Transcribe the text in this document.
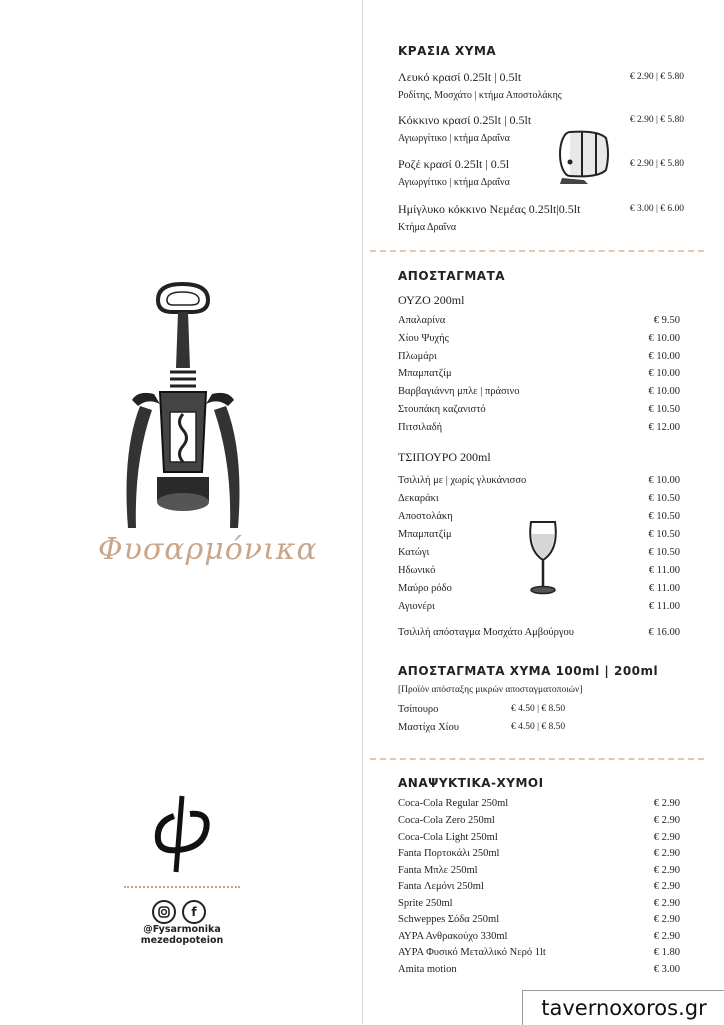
Φυσαρμόνικα
f
@Fysarmonika
mezedopoteion
ΚΡΑΣΙΑ ΧΥΜΑ
Λευκό κρασί 0.25lt | 0.5lt	€ 2.90 | € 5.80
Ροδίτης, Μοσχάτο | κτήμα Αποστολάκης
Κόκκινο κρασί 0.25lt | 0.5lt	€ 2.90 | € 5.80
Αγιωργίτικο | κτήμα Δραΐνα
Ροζέ κρασί 0.25lt | 0.5l	€ 2.90 | € 5.80
Αγιωργίτικο | κτήμα Δραΐνα
Ημίγλυκο κόκκινο Νεμέας 0.25lt|0.5lt	€ 3.00 | € 6.00
Κτήμα Δραΐνα
ΑΠΟΣΤΑΓΜΑΤΑ
ΟΥΖΟ 200ml
Απαλαρίνα	€ 9.50
Χίου Ψυχής	€ 10.00
Πλωμάρι	€ 10.00
Μπαμπατζίμ	€ 10.00
Βαρβαγιάννη μπλε | πράσινο	€ 10.00
Στουπάκη καζανιστό	€ 10.50
Πιτσιλαδή	€ 12.00
ΤΣΙΠΟΥΡΟ 200ml
Τσιλιλή με | χωρίς γλυκάνισσο	€ 10.00
Δεκαράκι	€ 10.50
Αποστολάκη	€ 10.50
Μπαμπατζίμ	€ 10.50
Κατώγι	€ 10.50
Ηδωνικό	€ 11.00
Μαύρο ρόδο	€ 11.00
Αγιονέρι	€ 11.00
Τσιλιλή απόσταγμα Μοσχάτο Αμβούργου	€ 16.00
ΑΠΟΣΤΑΓΜΑΤΑ ΧΥΜΑ 100ml | 200ml
[Προϊόν απόσταξης μικρών αποσταγματοποιών]
Τσίπουρο	€ 4.50 | € 8.50
Μαστίχα Χίου	€ 4.50 | € 8.50
ΑΝΑΨΥΚΤΙΚΑ-ΧΥΜΟΙ
Coca-Cola Regular 250ml	€ 2.90
Coca-Cola Zero 250ml	€ 2.90
Coca-Cola Light 250ml	€ 2.90
Fanta Πορτοκάλι 250ml	€ 2.90
Fanta Μπλε 250ml	€ 2.90
Fanta Λεμόνι 250ml	€ 2.90
Sprite 250ml	€ 2.90
Schweppes Σόδα 250ml	€ 2.90
ΑΥΡΑ Ανθρακούχο 330ml	€ 2.90
ΑΥΡΑ Φυσικό Μεταλλικό Νερό 1lt	€ 1.80
Amita motion	€ 3.00
tavernoxoros.gr
